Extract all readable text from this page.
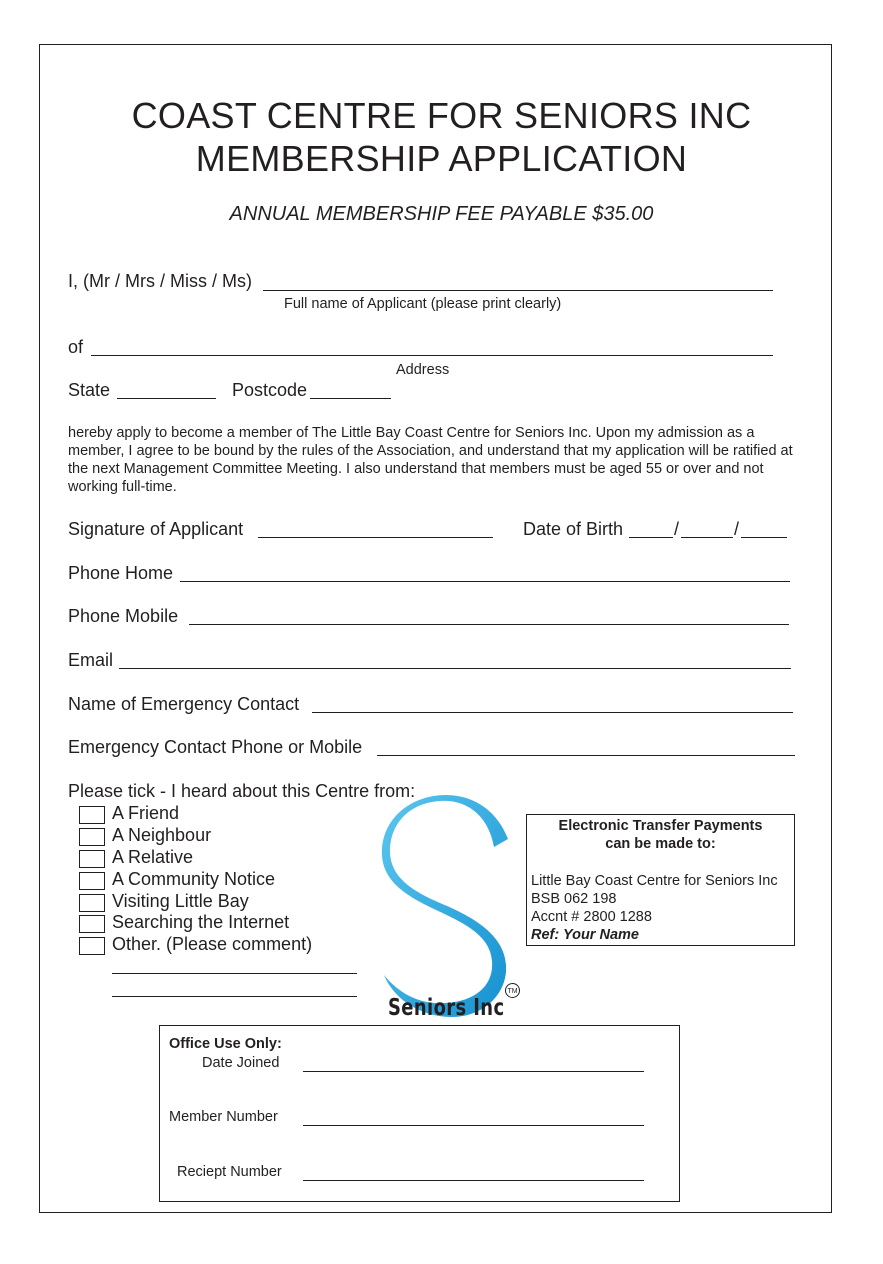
COAST CENTRE FOR SENIORS INC
MEMBERSHIP APPLICATION
ANNUAL MEMBERSHIP FEE PAYABLE $35.00
I, (Mr / Mrs / Miss / Ms)
Full name of Applicant (please print clearly)
of
Address
State	Postcode
hereby apply to become a member of The Little Bay Coast Centre for Seniors Inc. Upon my admission as a member, I agree to be bound by the rules of the Association, and understand that my application will be ratified at the next Management Committee Meeting. I also understand that members must be aged 55 or over and not working full-time.
Signature of Applicant	Date of Birth	/	/
Phone Home
Phone Mobile
Email
Name of Emergency Contact
Emergency Contact Phone or Mobile
Please tick - I heard about this Centre from:
A Friend
A Neighbour
A Relative
A Community Notice
Visiting Little Bay
Searching the Internet
Other. (Please comment)
Seniors Inc
TM
Electronic Transfer Payments
can be made to:
Little Bay Coast Centre for Seniors Inc
BSB 062 198
Accnt # 2800 1288
Ref: Your Name
Office Use Only:
Date Joined
Member Number
Reciept Number
